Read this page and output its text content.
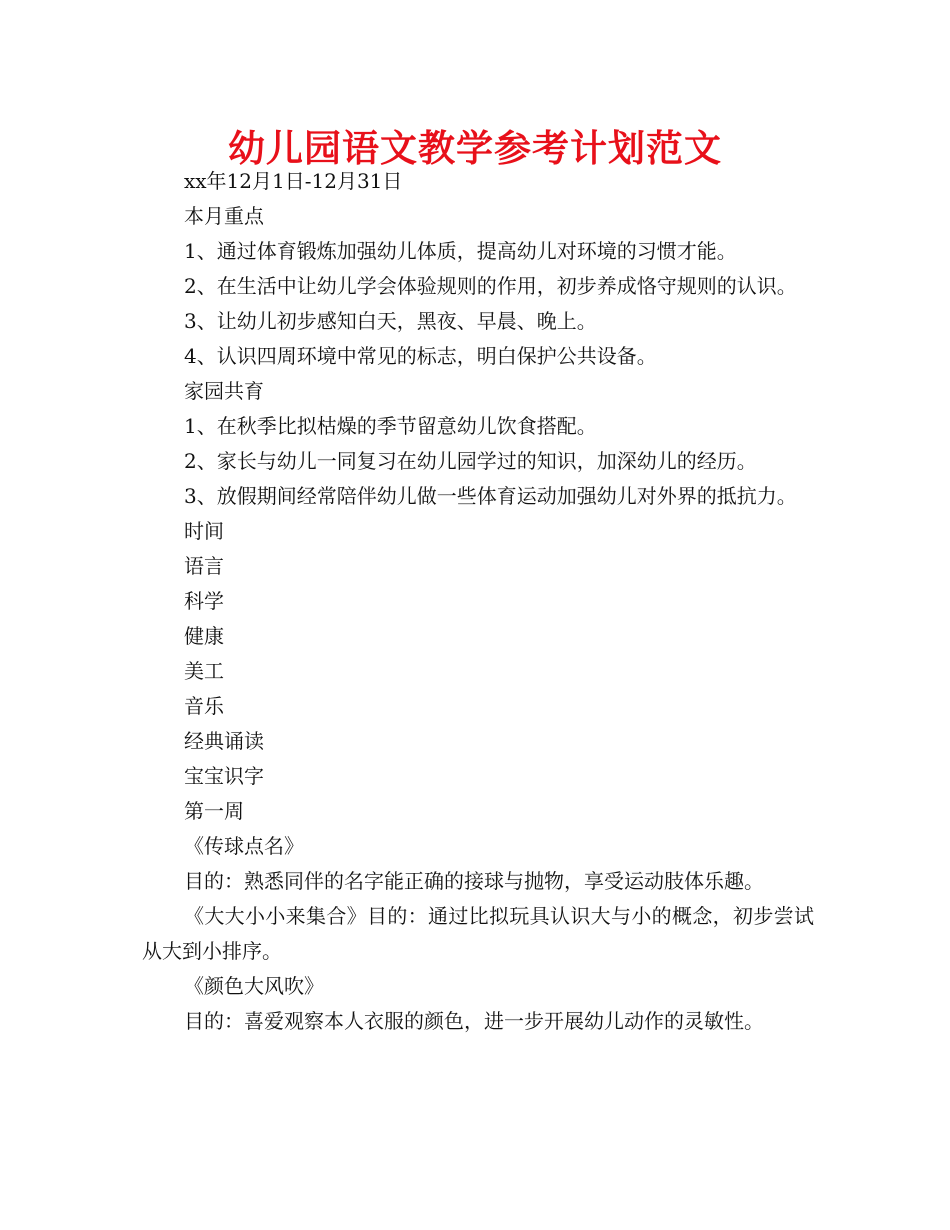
幼儿园语文教学参考计划范文

xx年12月1日-12月31日

本月重点

1、通过体育锻炼加强幼儿体质，提高幼儿对环境的习惯才能。

2、在生活中让幼儿学会体验规则的作用，初步养成恪守规则的认识。

3、让幼儿初步感知白天，黑夜、早晨、晚上。

4、认识四周环境中常见的标志，明白保护公共设备。

家园共育

1、在秋季比拟枯燥的季节留意幼儿饮食搭配。

2、家长与幼儿一同复习在幼儿园学过的知识，加深幼儿的经历。

3、放假期间经常陪伴幼儿做一些体育运动加强幼儿对外界的抵抗力。

时间

语言

科学

健康

美工

音乐

经典诵读

宝宝识字

第一周

《传球点名》

目的：熟悉同伴的名字能正确的接球与抛物，享受运动肢体乐趣。

《大大小小来集合》目的：通过比拟玩具认识大与小的概念，初步尝试从大到小排序。

《颜色大风吹》

目的：喜爱观察本人衣服的颜色，进一步开展幼儿动作的灵敏性。
